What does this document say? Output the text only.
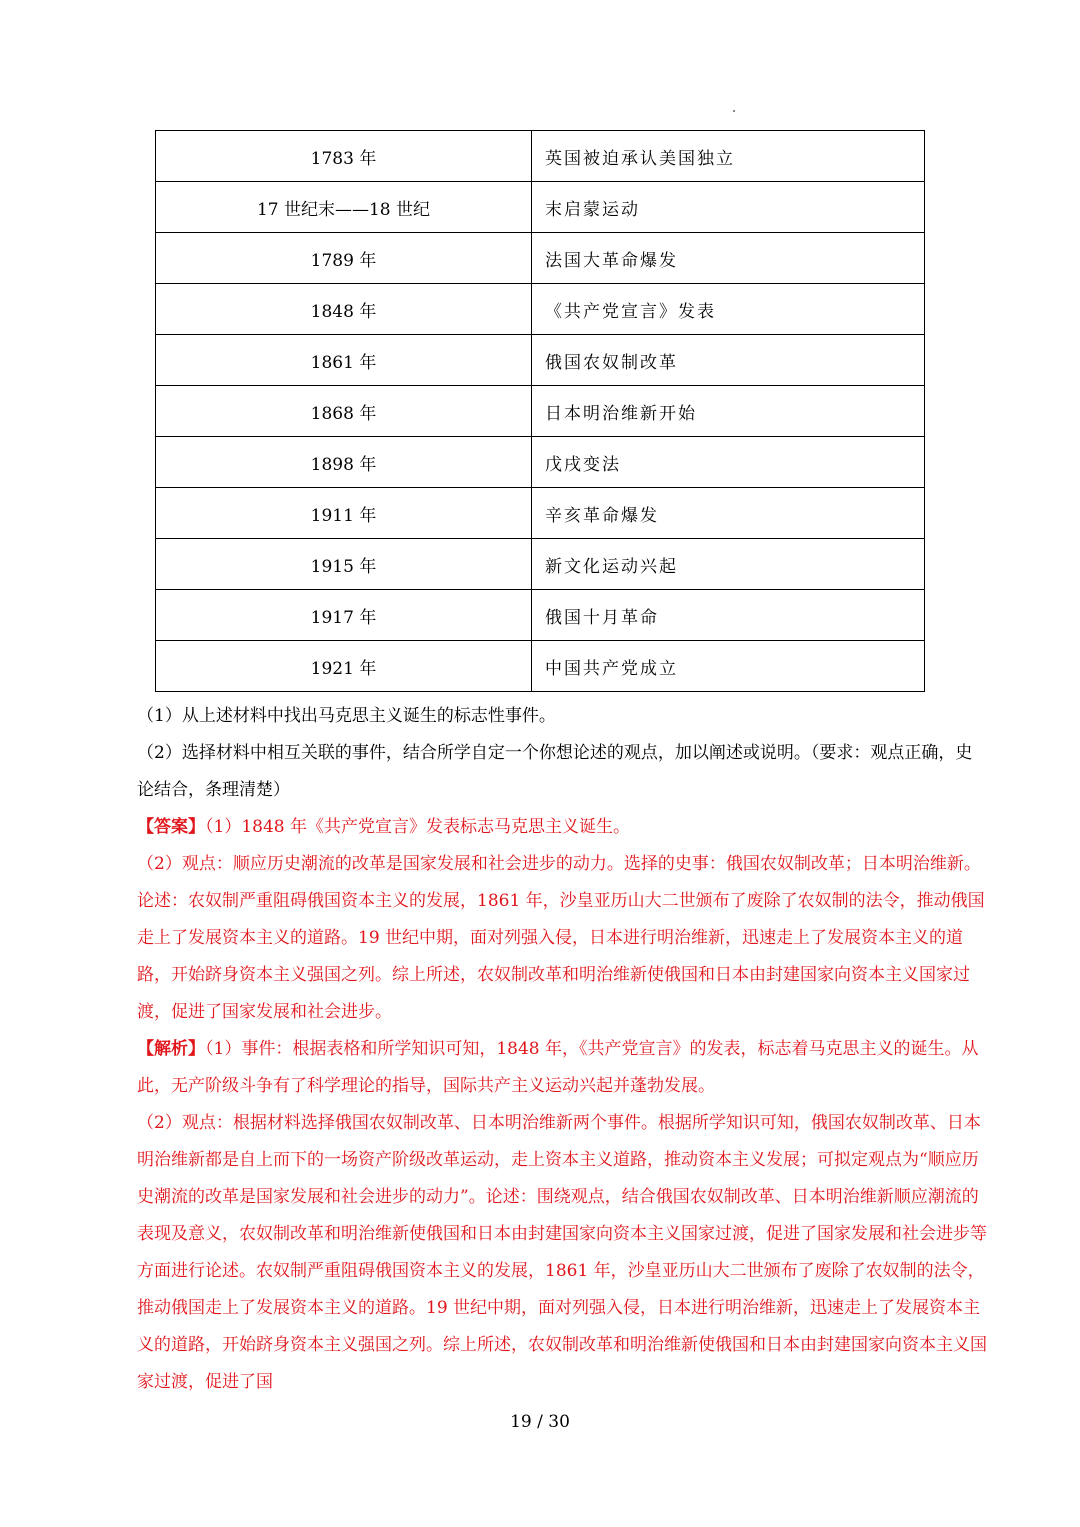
1783 年	英国被迫承认美国独立
17 世纪末——18 世纪	末启蒙运动
1789 年	法国大革命爆发
1848 年	《共产党宣言》发表
1861 年	俄国农奴制改革
1868 年	日本明治维新开始
1898 年	戊戌变法
1911 年	辛亥革命爆发
1915 年	新文化运动兴起
1917 年	俄国十月革命
1921 年	中国共产党成立

（1）从上述材料中找出马克思主义诞生的标志性事件。

（2）选择材料中相互关联的事件，结合所学自定一个你想论述的观点，加以阐述或说明。（要求：观点正确，史论结合，条理清楚）

【答案】（1）1848 年《共产党宣言》发表标志马克思主义诞生。

（2）观点：顺应历史潮流的改革是国家发展和社会进步的动力。选择的史事：俄国农奴制改革；日本明治维新。论述：农奴制严重阻碍俄国资本主义的发展，1861 年，沙皇亚历山大二世颁布了废除了农奴制的法令，推动俄国走上了发展资本主义的道路。19 世纪中期，面对列强入侵，日本进行明治维新，迅速走上了发展资本主义的道路，开始跻身资本主义强国之列。综上所述，农奴制改革和明治维新使俄国和日本由封建国家向资本主义国家过渡，促进了国家发展和社会进步。

【解析】（1）事件：根据表格和所学知识可知，1848 年，《共产党宣言》的发表，标志着马克思主义的诞生。从此，无产阶级斗争有了科学理论的指导，国际共产主义运动兴起并蓬勃发展。

（2）观点：根据材料选择俄国农奴制改革、日本明治维新两个事件。根据所学知识可知，俄国农奴制改革、日本明治维新都是自上而下的一场资产阶级改革运动，走上资本主义道路，推动资本主义发展；可拟定观点为“顺应历史潮流的改革是国家发展和社会进步的动力”。论述：围绕观点，结合俄国农奴制改革、日本明治维新顺应潮流的表现及意义，农奴制改革和明治维新使俄国和日本由封建国家向资本主义国家过渡，促进了国家发展和社会进步等方面进行论述。农奴制严重阻碍俄国资本主义的发展，1861 年，沙皇亚历山大二世颁布了废除了农奴制的法令，推动俄国走上了发展资本主义的道路。19 世纪中期，面对列强入侵，日本进行明治维新，迅速走上了发展资本主义的道路，开始跻身资本主义强国之列。综上所述，农奴制改革和明治维新使俄国和日本由封建国家向资本主义国家过渡，促进了国

19 / 30
